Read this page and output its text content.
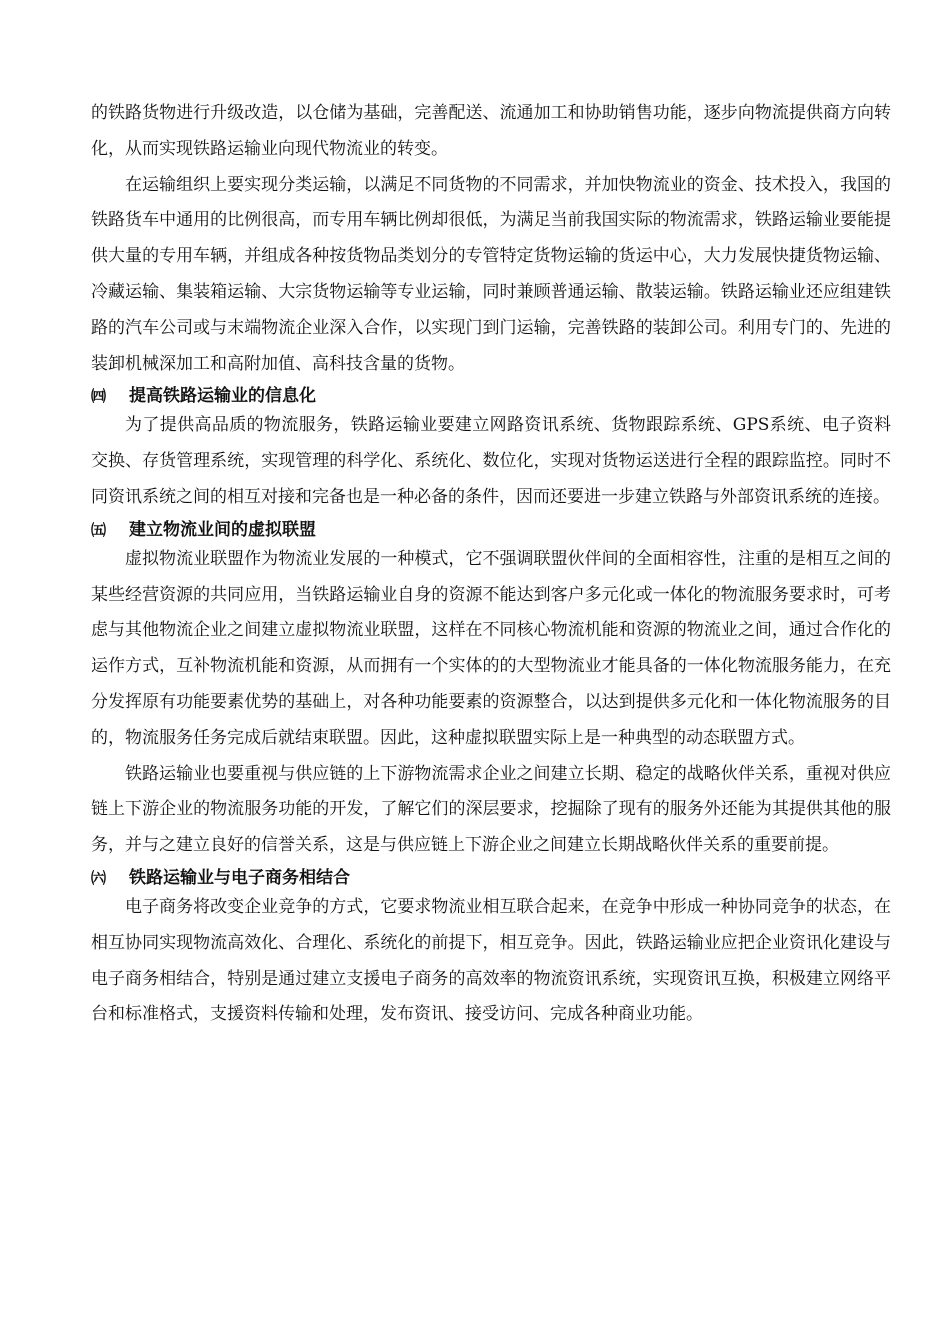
的铁路货物进行升级改造，以仓储为基础，完善配送、流通加工和协助销售功能，逐步向物流提供商方向转化，从而实现铁路运输业向现代物流业的转变。

在运输组织上要实现分类运输，以满足不同货物的不同需求，并加快物流业的资金、技术投入，我国的铁路货车中通用的比例很高，而专用车辆比例却很低，为满足当前我国实际的物流需求，铁路运输业要能提供大量的专用车辆，并组成各种按货物品类划分的专管特定货物运输的货运中心，大力发展快捷货物运输、冷藏运输、集装箱运输、大宗货物运输等专业运输，同时兼顾普通运输、散装运输。铁路运输业还应组建铁路的汽车公司或与末端物流企业深入合作，以实现门到门运输，完善铁路的装卸公司。利用专门的、先进的装卸机械深加工和高附加值、高科技含量的货物。

㈣	提高铁路运输业的信息化

为了提供高品质的物流服务，铁路运输业要建立网路资讯系统、货物跟踪系统、GPS系统、电子资料交换、存货管理系统，实现管理的科学化、系统化、数位化，实现对货物运送进行全程的跟踪监控。同时不同资讯系统之间的相互对接和完备也是一种必备的条件，因而还要进一步建立铁路与外部资讯系统的连接。

㈤	建立物流业间的虚拟联盟

虚拟物流业联盟作为物流业发展的一种模式，它不强调联盟伙伴间的全面相容性，注重的是相互之间的某些经营资源的共同应用，当铁路运输业自身的资源不能达到客户多元化或一体化的物流服务要求时，可考虑与其他物流企业之间建立虚拟物流业联盟，这样在不同核心物流机能和资源的物流业之间，通过合作化的运作方式，互补物流机能和资源，从而拥有一个实体的的大型物流业才能具备的一体化物流服务能力，在充分发挥原有功能要素优势的基础上，对各种功能要素的资源整合，以达到提供多元化和一体化物流服务的目的，物流服务任务完成后就结束联盟。因此，这种虚拟联盟实际上是一种典型的动态联盟方式。

铁路运输业也要重视与供应链的上下游物流需求企业之间建立长期、稳定的战略伙伴关系，重视对供应链上下游企业的物流服务功能的开发，了解它们的深层要求，挖掘除了现有的服务外还能为其提供其他的服务，并与之建立良好的信誉关系，这是与供应链上下游企业之间建立长期战略伙伴关系的重要前提。

㈥	铁路运输业与电子商务相结合

电子商务将改变企业竞争的方式，它要求物流业相互联合起来，在竞争中形成一种协同竞争的状态，在相互协同实现物流高效化、合理化、系统化的前提下，相互竞争。因此，铁路运输业应把企业资讯化建设与电子商务相结合，特别是通过建立支援电子商务的高效率的物流资讯系统，实现资讯互换，积极建立网络平台和标准格式，支援资料传输和处理，发布资讯、接受访问、完成各种商业功能。
